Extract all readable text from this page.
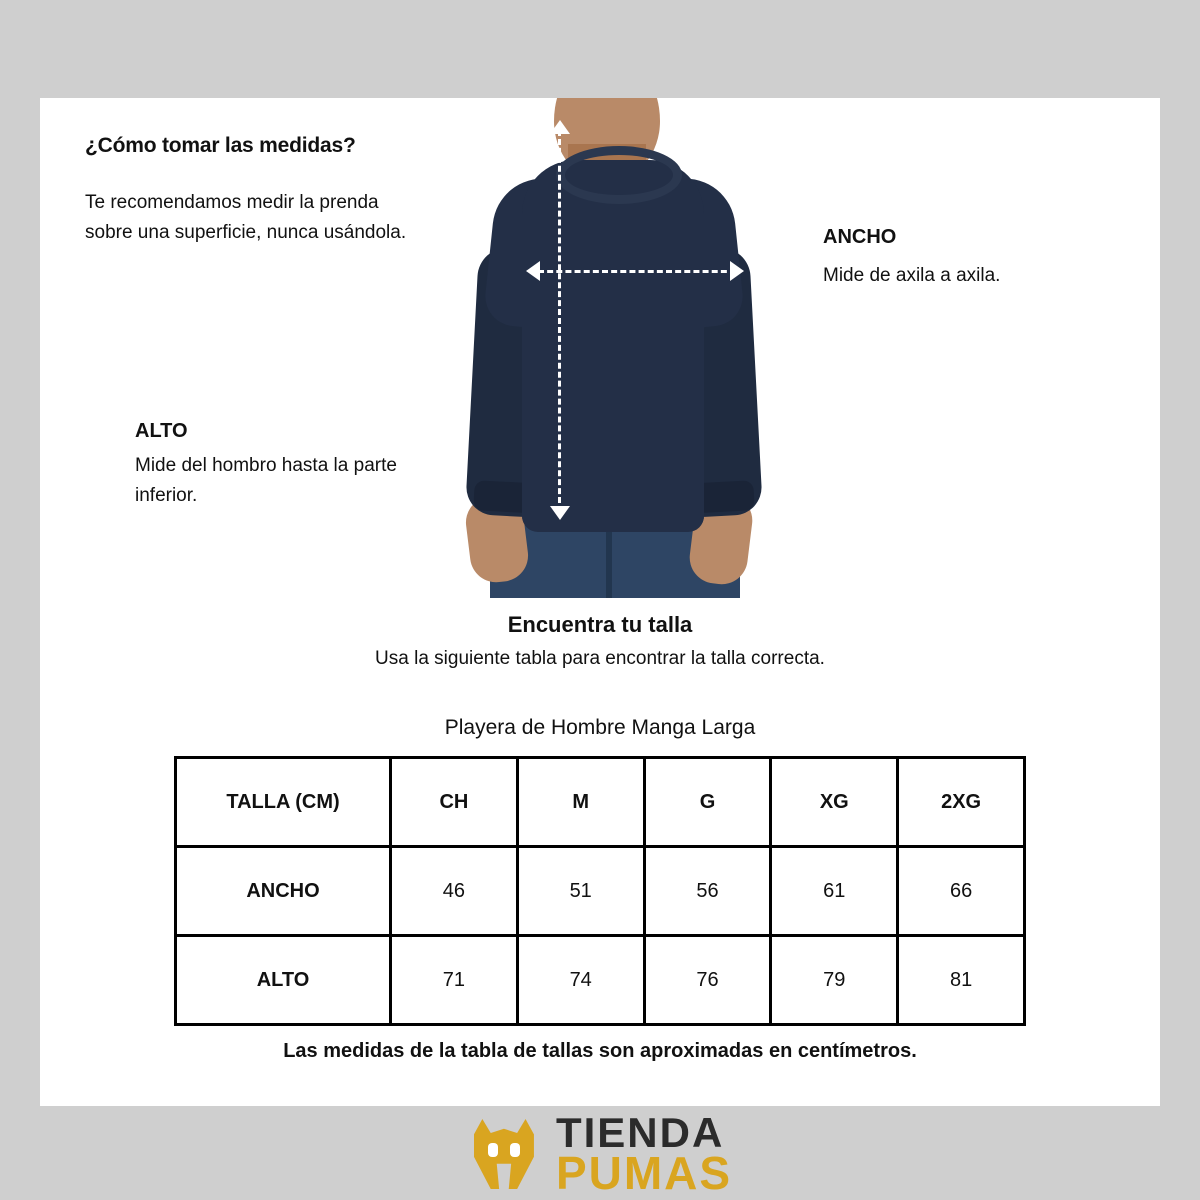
¿Cómo tomar las medidas?
Te recomendamos medir la prenda sobre una superficie, nunca usándola.
ALTO
Mide del hombro hasta la parte inferior.
ANCHO
Mide de axila a axila.
Encuentra tu talla
Usa la siguiente tabla para encontrar la talla correcta.
Playera de Hombre Manga Larga
TALLA (CM)	CH	M	G	XG	2XG
ANCHO	46	51	56	61	66
ALTO	71	74	76	79	81
Las medidas de la tabla de tallas son aproximadas en centímetros.
TIENDA
PUMAS
